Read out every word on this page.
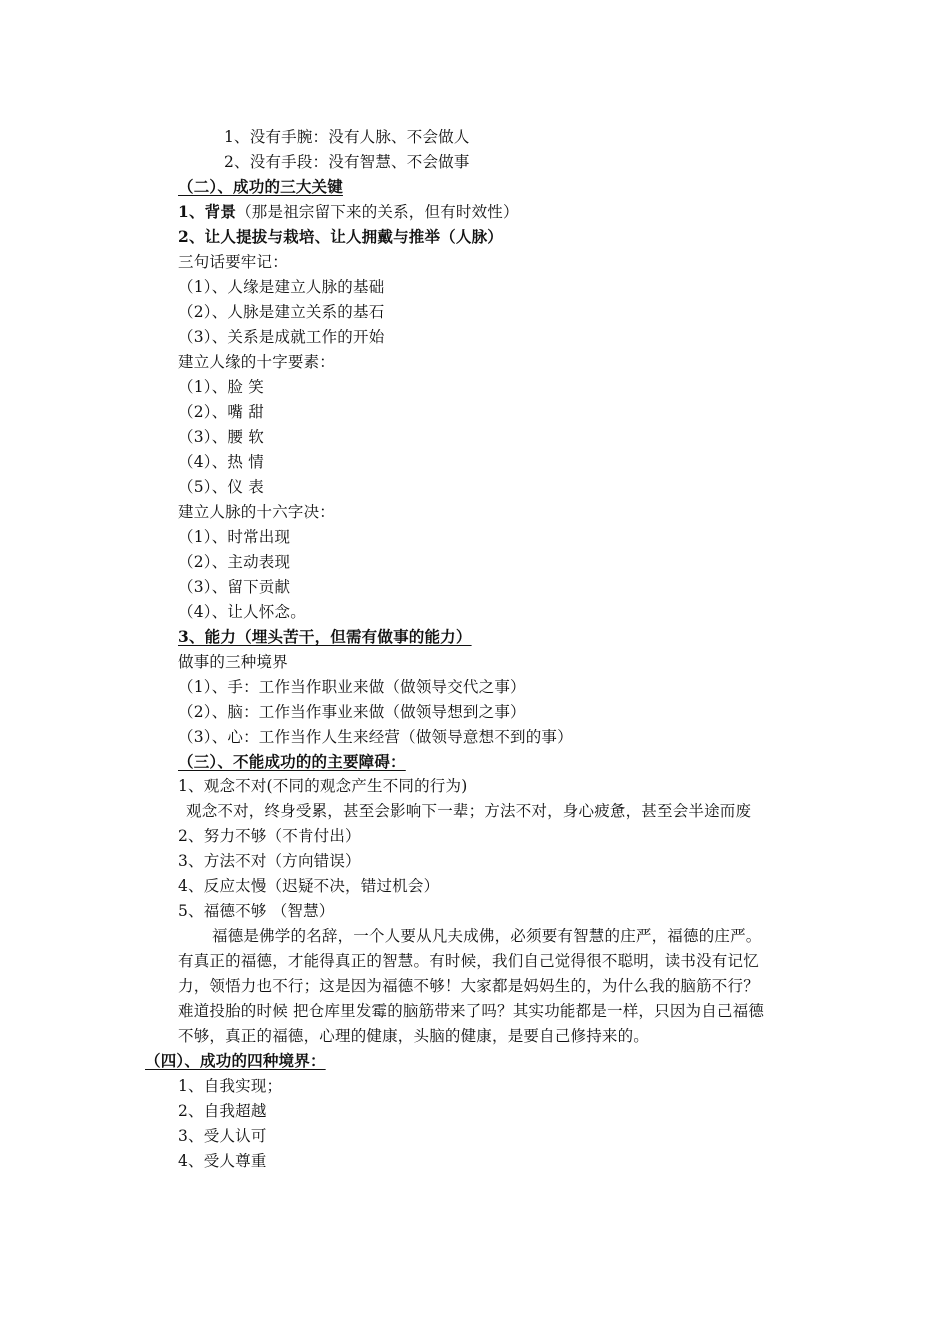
1、没有手腕：没有人脉、不会做人
2、没有手段：没有智慧、不会做事
（二）、成功的三大关键
1、背景（那是祖宗留下来的关系，但有时效性）
2、让人提拔与栽培、让人拥戴与推举（人脉）
三句话要牢记：
（1）、人缘是建立人脉的基础
（2）、人脉是建立关系的基石
（3）、关系是成就工作的开始
建立人缘的十字要素：
（1）、脸 笑
（2）、嘴 甜
（3）、腰 软
（4）、热 情
（5）、仪 表
建立人脉的十六字决：
（1）、时常出现
（2）、主动表现
（3）、留下贡献
（4）、让人怀念。
3、能力（埋头苦干，但需有做事的能力）
做事的三种境界
（1）、手：工作当作职业来做（做领导交代之事）
（2）、脑：工作当作事业来做（做领导想到之事）
（3）、心：工作当作人生来经营（做领导意想不到的事）
（三）、不能成功的的主要障碍：
1、观念不对(不同的观念产生不同的行为)
观念不对，终身受累，甚至会影响下一辈；方法不对，身心疲惫，甚至会半途而废
2、努力不够（不肯付出）
3、方法不对（方向错误）
4、反应太慢（迟疑不决，错过机会）
5、福德不够 （智慧）
福德是佛学的名辞，一个人要从凡夫成佛，必须要有智慧的庄严，福德的庄严。
有真正的福德，才能得真正的智慧。有时候，我们自己觉得很不聪明，读书没有记忆
力，领悟力也不行；这是因为福德不够！大家都是妈妈生的，为什么我的脑筋不行？
难道投胎的时候 把仓库里发霉的脑筋带来了吗？其实功能都是一样，只因为自己福德
不够，真正的福德，心理的健康，头脑的健康，是要自己修持来的。
（四）、成功的四种境界：
1、自我实现；
2、自我超越
3、受人认可
4、受人尊重
